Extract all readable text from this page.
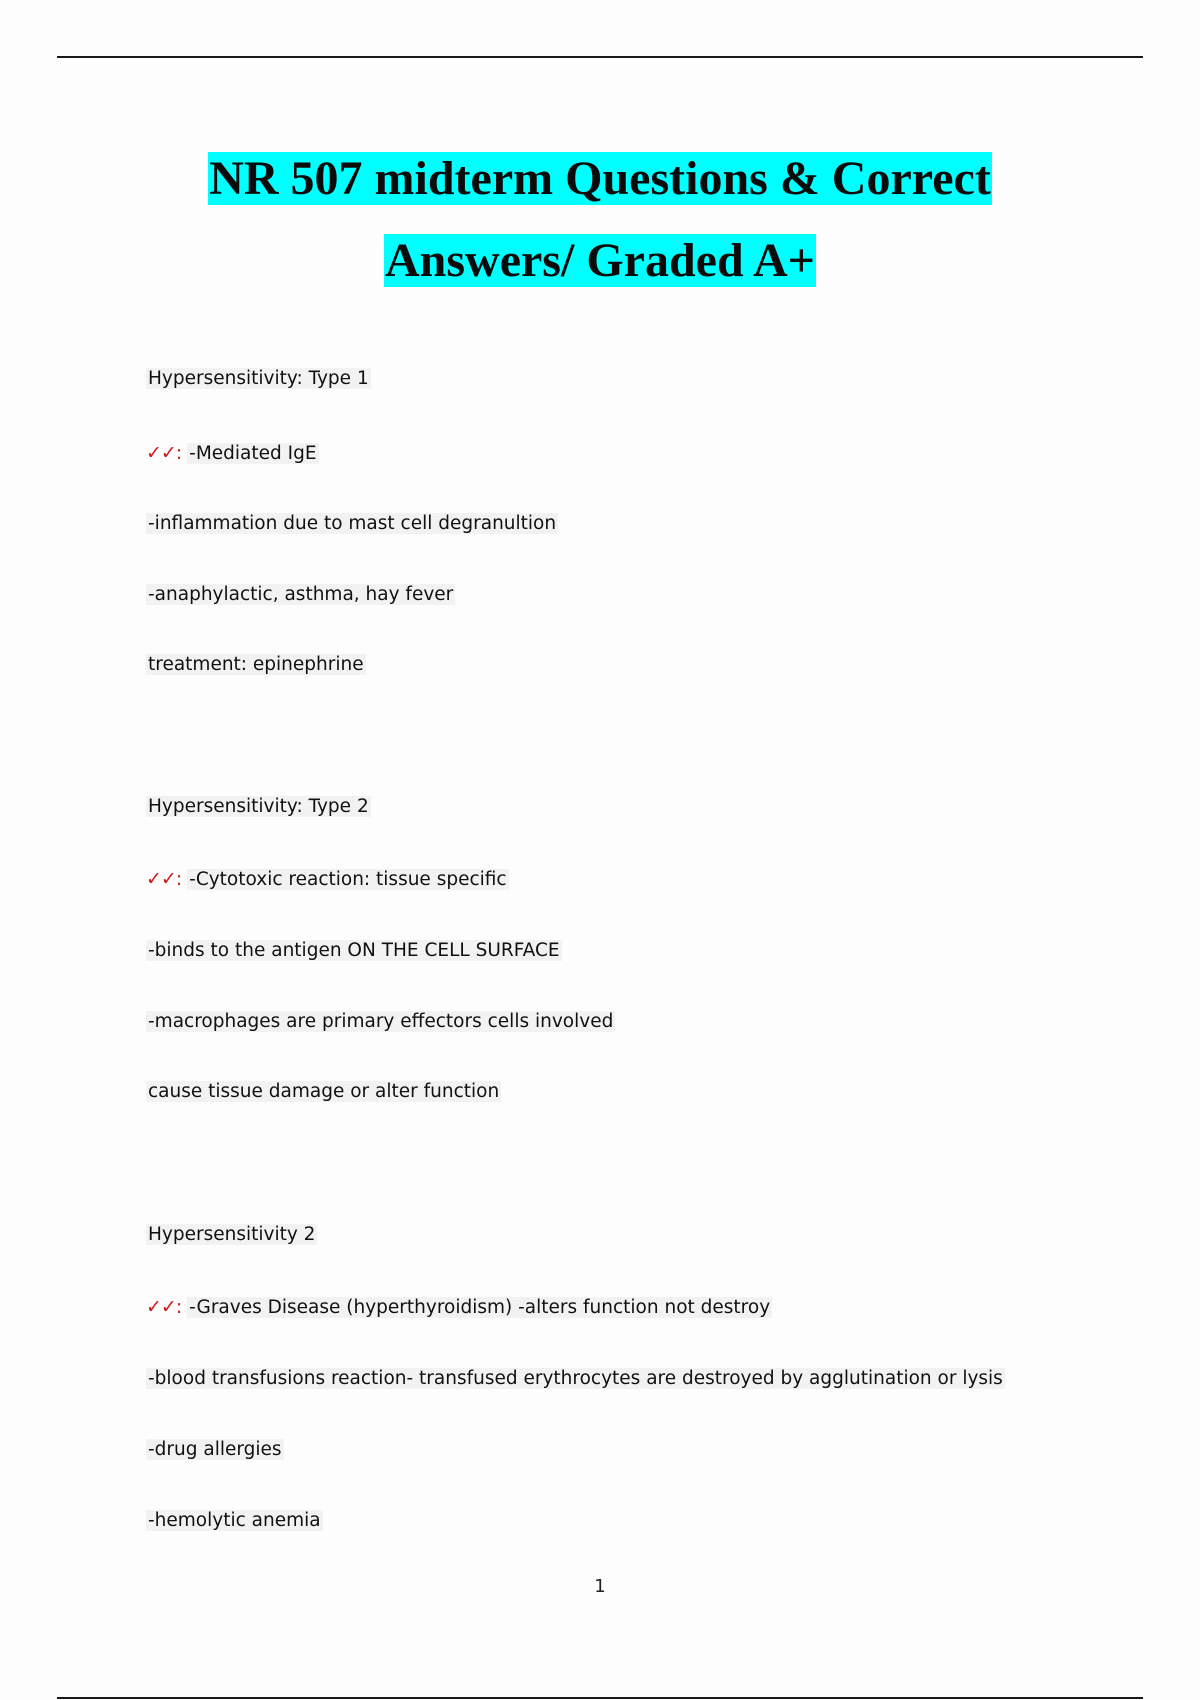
NR 507 midterm Questions & Correct
Answers/ Graded A+
Hypersensitivity: Type 1
✓✓: -Mediated IgE
-inflammation due to mast cell degranultion
-anaphylactic, asthma, hay fever
treatment: epinephrine
Hypersensitivity: Type 2
✓✓: -Cytotoxic reaction: tissue specific
-binds to the antigen ON THE CELL SURFACE
-macrophages are primary effectors cells involved
cause tissue damage or alter function
Hypersensitivity 2
✓✓: -Graves Disease (hyperthyroidism) -alters function not destroy
-blood transfusions reaction- transfused erythrocytes are destroyed by agglutination or lysis
-drug allergies
-hemolytic anemia
1
